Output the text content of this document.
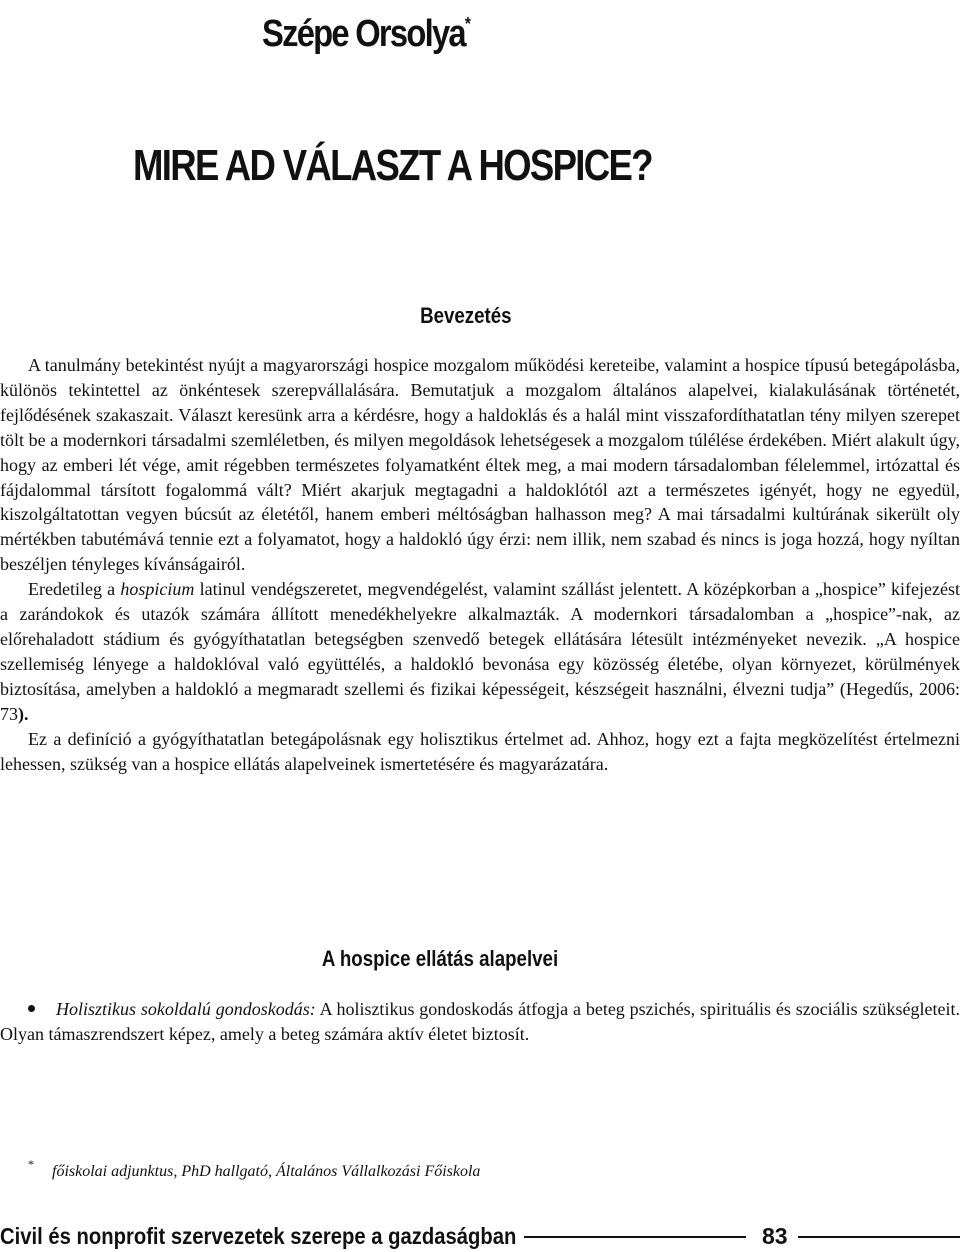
Szépe Orsolya*
MIRE AD VÁLASZT A HOSPICE?
Bevezetés

A tanulmány betekintést nyújt a magyarországi hospice mozgalom működési kereteibe, valamint a hospice típusú betegápolásba, különös tekintettel az önkéntesek szerepvállalására. Bemutatjuk a mozgalom általános alapelvei, kialakulásának történetét, fejlődésének szakaszait. Választ keresünk arra a kérdésre, hogy a haldoklás és a halál mint visszafordíthatatlan tény milyen szerepet tölt be a modernkori társadalmi szemléletben, és milyen megoldások lehetségesek a mozgalom túlélése érdekében. Miért alakult úgy, hogy az emberi lét vége, amit régebben természetes folyamatként éltek meg, a mai modern társadalomban félelemmel, irtózattal és fájdalommal társított fogalommá vált? Miért akarjuk megtagadni a haldoklótól azt a természetes igényét, hogy ne egyedül, kiszolgáltatottan vegyen búcsút az életétől, hanem emberi méltóságban halhasson meg? A mai társadalmi kultúrának sikerült oly mértékben tabutémává tennie ezt a folyamatot, hogy a haldokló úgy érzi: nem illik, nem szabad és nincs is joga hozzá, hogy nyíltan beszéljen tényleges kívánságairól.

Eredetileg a hospicium latinul vendégszeretet, megvendégelést, valamint szállást jelentett. A középkorban a „hospice” kifejezést a zarándokok és utazók számára állított menedékhelyekre alkalmazták. A modernkori társadalomban a „hospice”-nak, az előrehaladott stádium és gyógyíthatatlan betegségben szenvedő betegek ellátására létesült intézményeket nevezik. „A hospice szellemiség lényege a haldoklóval való együttélés, a haldokló bevonása egy közösség életébe, olyan környezet, körülmények biztosítása, amelyben a haldokló a megmaradt szellemi és fizikai képességeit, készségeit használni, élvezni tudja” (Hegedűs, 2006: 73).

Ez a definíció a gyógyíthatatlan betegápolásnak egy holisztikus értelmet ad. Ahhoz, hogy ezt a fajta megközelítést értelmezni lehessen, szükség van a hospice ellátás alapelveinek ismertetésére és magyarázatára.

A hospice ellátás alapelvei

Holisztikus sokoldalú gondoskodás: A holisztikus gondoskodás átfogja a beteg pszichés, spirituális és szociális szükségleteit. Olyan támaszrendszert képez, amely a beteg számára aktív életet biztosít.

* főiskolai adjunktus, PhD hallgató, Általános Vállalkozási Főiskola

Civil és nonprofit szervezetek szerepe a gazdaságban	83
